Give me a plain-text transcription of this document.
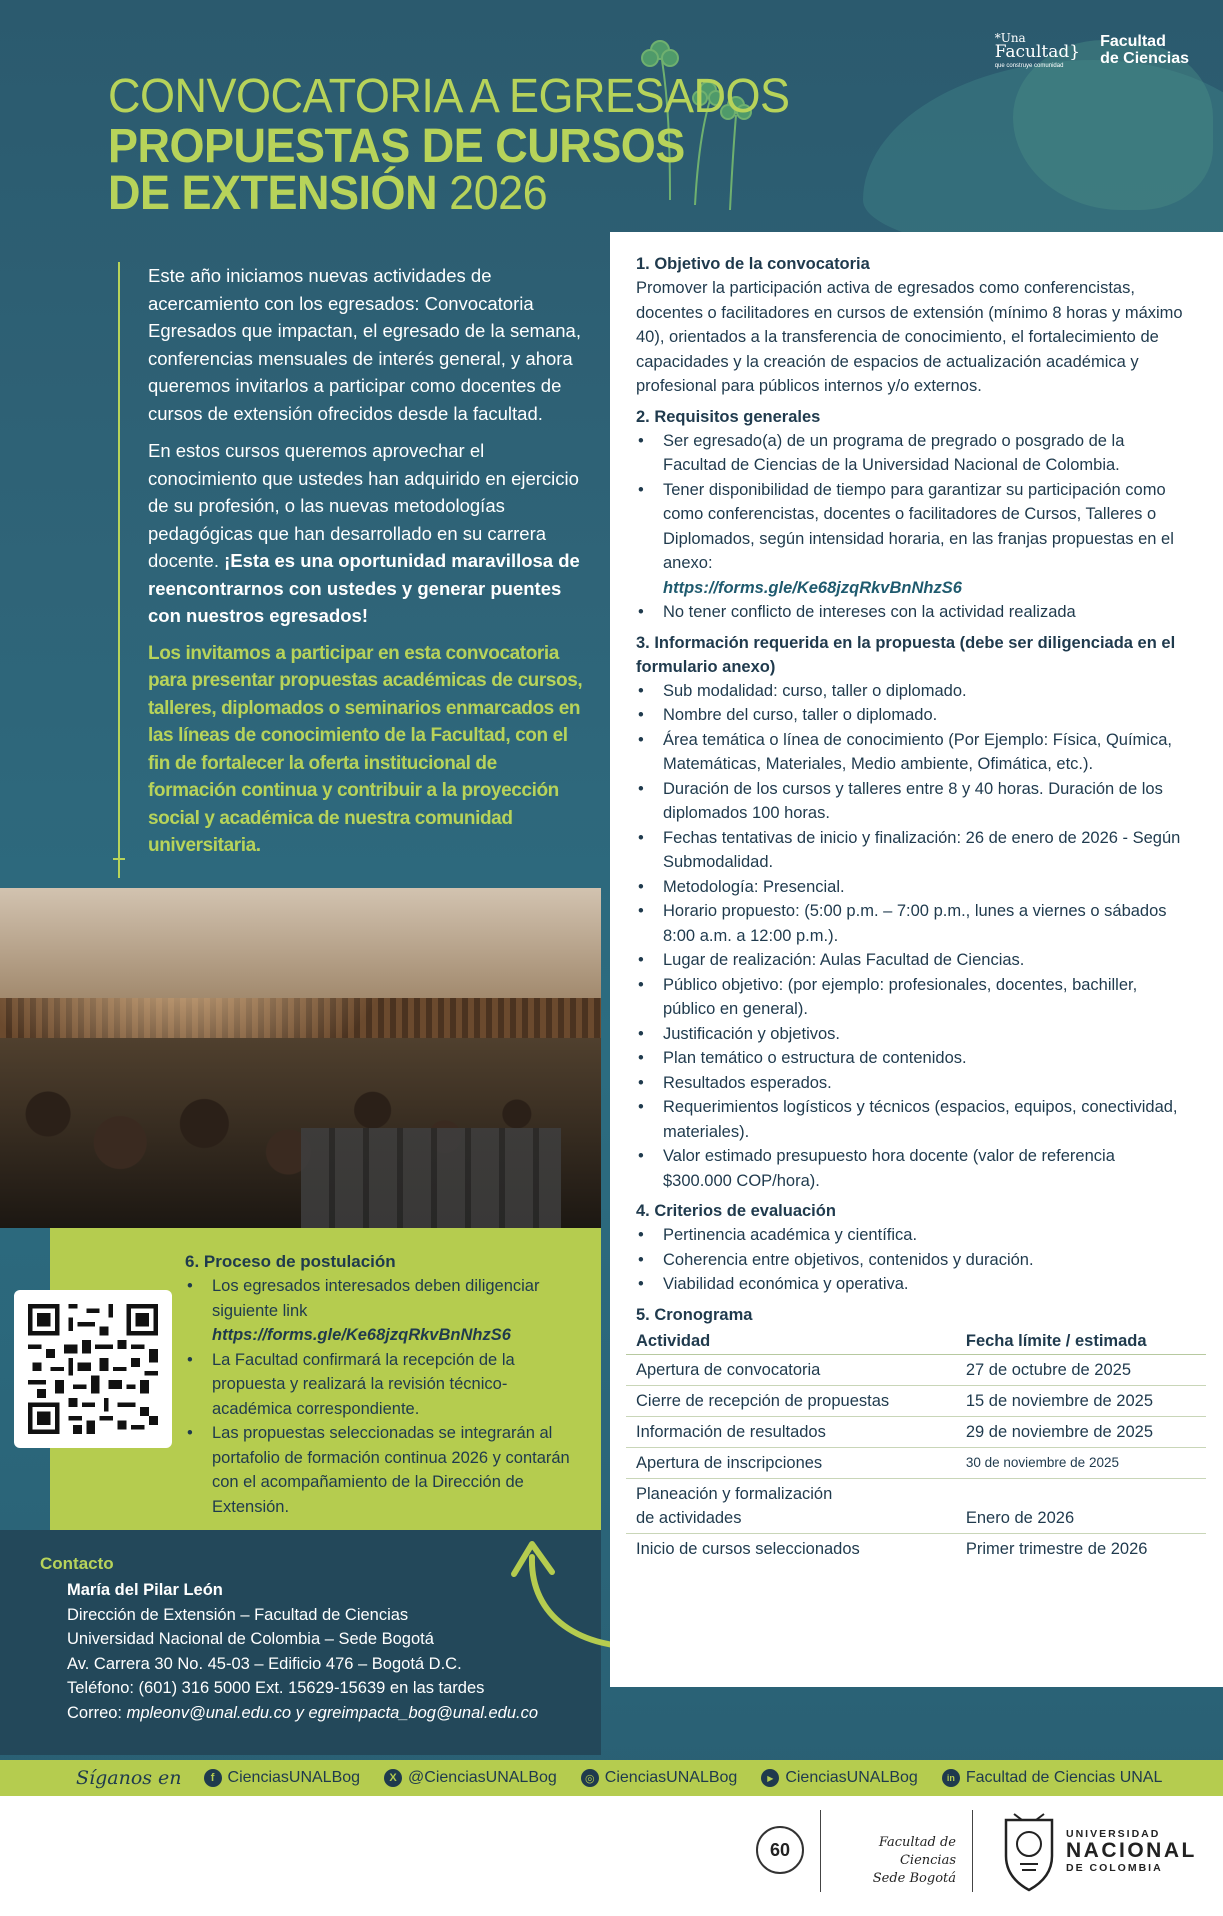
*Una
Facultad}
que construye comunidad
Facultad
de Ciencias
CONVOCATORIA A EGRESADOS
PROPUESTAS DE CURSOS
DE EXTENSIÓN 2026

Este año iniciamos nuevas actividades de acercamiento con los egresados: Convocatoria Egresados que impactan, el egresado de la semana, conferencias mensuales de interés general, y ahora queremos invitarlos a participar como docentes de cursos de extensión ofrecidos desde la facultad.

En estos cursos queremos aprovechar el conocimiento que ustedes han adquirido en ejercicio de su profesión, o las nuevas metodologías pedagógicas que han desarrollado en su carrera docente. ¡Esta es una oportunidad maravillosa de reencontrarnos con ustedes y generar puentes con nuestros egresados!

Los invitamos a participar en esta convocatoria para presentar propuestas académicas de cursos, talleres, diplomados o seminarios enmarcados en las líneas de conocimiento de la Facultad, con el fin de fortalecer la oferta institucional de formación continua y contribuir a la proyección social y académica de nuestra comunidad universitaria.

6. Proceso de postulación
• Los egresados interesados deben diligenciar siguiente link
https://forms.gle/Ke68jzqRkvBnNhzS6
• La Facultad confirmará la recepción de la propuesta y realizará la revisión técnico-académica correspondiente.
• Las propuestas seleccionadas se integrarán al portafolio de formación continua 2026 y contarán con el acompañamiento de la Dirección de Extensión.
Contacto
María del Pilar León
Dirección de Extensión – Facultad de Ciencias
Universidad Nacional de Colombia – Sede Bogotá
Av. Carrera 30 No. 45-03 – Edificio 476 – Bogotá D.C.
Teléfono: (601) 316 5000 Ext. 15629-15639 en las tardes
Correo: mpleonv@unal.edu.co y egreimpacta_bog@unal.edu.co
1. Objetivo de la convocatoria

Promover la participación activa de egresados como conferencistas, docentes o facilitadores en cursos de extensión (mínimo 8 horas y máximo 40), orientados a la transferencia de conocimiento, el fortalecimiento de capacidades y la creación de espacios de actualización académica y profesional para públicos internos y/o externos.

2. Requisitos generales
• Ser egresado(a) de un programa de pregrado o posgrado de la Facultad de Ciencias de la Universidad Nacional de Colombia.
• Tener disponibilidad de tiempo para garantizar su participación como como conferencistas, docentes o facilitadores de Cursos, Talleres o Diplomados, según intensidad horaria, en las franjas propuestas en el anexo:
https://forms.gle/Ke68jzqRkvBnNhzS6
• No tener conflicto de intereses con la actividad realizada
3. Información requerida en la propuesta (debe ser diligenciada en el formulario anexo)
• Sub modalidad: curso, taller o diplomado.
• Nombre del curso, taller o diplomado.
• Área temática o línea de conocimiento (Por Ejemplo: Física, Química, Matemáticas, Materiales, Medio ambiente, Ofimática, etc.).
• Duración de los cursos y talleres entre 8 y 40 horas. Duración de los diplomados 100 horas.
• Fechas tentativas de inicio y finalización: 26 de enero de 2026 - Según Submodalidad.
• Metodología: Presencial.
• Horario propuesto: (5:00 p.m. – 7:00 p.m., lunes a viernes o sábados 8:00 a.m. a 12:00 p.m.).
• Lugar de realización: Aulas Facultad de Ciencias.
• Público objetivo: (por ejemplo: profesionales, docentes, bachiller, público en general).
• Justificación y objetivos.
• Plan temático o estructura de contenidos.
• Resultados esperados.
• Requerimientos logísticos y técnicos (espacios, equipos, conectividad, materiales).
• Valor estimado presupuesto hora docente (valor de referencia $300.000 COP/hora).
4. Criterios de evaluación
• Pertinencia académica y científica.
• Coherencia entre objetivos, contenidos y duración.
• Viabilidad económica y operativa.
5. Cronograma
Actividad	Fecha límite / estimada
Apertura de convocatoria	27 de octubre de 2025
Cierre de recepción de propuestas	15 de noviembre de 2025
Información de resultados	29 de noviembre de 2025
Apertura de inscripciones	30 de noviembre de 2025
Planeación y formalización
de actividades	Enero de 2026
Inicio de cursos seleccionados	Primer trimestre de 2026
Síganos en	f CienciasUNALBog	X @CienciasUNALBog	◎ CienciasUNALBog	▶ CienciasUNALBog	in Facultad de Ciencias UNAL
60	Facultad de Ciencias
Sede Bogotá
UNIVERSIDAD
NACIONAL
DE COLOMBIA
